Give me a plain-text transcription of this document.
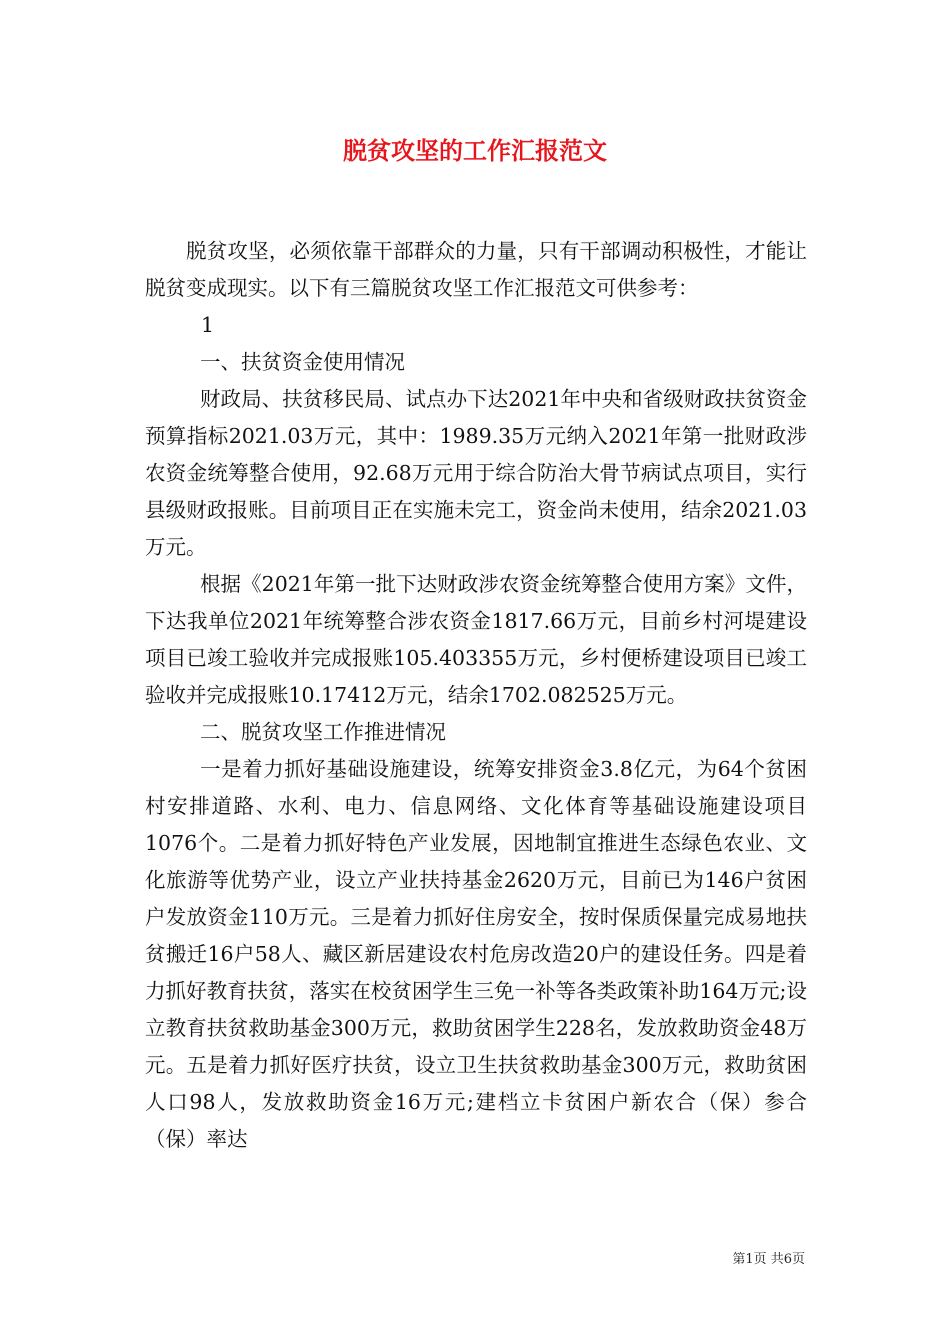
脱贫攻坚的工作汇报范文

脱贫攻坚，必须依靠干部群众的力量，只有干部调动积极性，才能让脱贫变成现实。以下有三篇脱贫攻坚工作汇报范文可供参考：

1

一、扶贫资金使用情况

财政局、扶贫移民局、试点办下达2021年中央和省级财政扶贫资金预算指标2021.03万元，其中：1989.35万元纳入2021年第一批财政涉农资金统筹整合使用，92.68万元用于综合防治大骨节病试点项目，实行县级财政报账。目前项目正在实施未完工，资金尚未使用，结余2021.03万元。

根据《2021年第一批下达财政涉农资金统筹整合使用方案》文件，下达我单位2021年统筹整合涉农资金1817.66万元，目前乡村河堤建设项目已竣工验收并完成报账105.403355万元，乡村便桥建设项目已竣工验收并完成报账10.17412万元，结余1702.082525万元。

二、脱贫攻坚工作推进情况

一是着力抓好基础设施建设，统筹安排资金3.8亿元，为64个贫困村安排道路、水利、电力、信息网络、文化体育等基础设施建设项目1076个。二是着力抓好特色产业发展，因地制宜推进生态绿色农业、文化旅游等优势产业，设立产业扶持基金2620万元，目前已为146户贫困户发放资金110万元。三是着力抓好住房安全，按时保质保量完成易地扶贫搬迁16户58人、藏区新居建设农村危房改造20户的建设任务。四是着力抓好教育扶贫，落实在校贫困学生三免一补等各类政策补助164万元;设立教育扶贫救助基金300万元，救助贫困学生228名，发放救助资金48万元。五是着力抓好医疗扶贫，设立卫生扶贫救助基金300万元，救助贫困人口98人，发放救助资金16万元;建档立卡贫困户新农合（保）参合（保）率达

第1页 共6页
